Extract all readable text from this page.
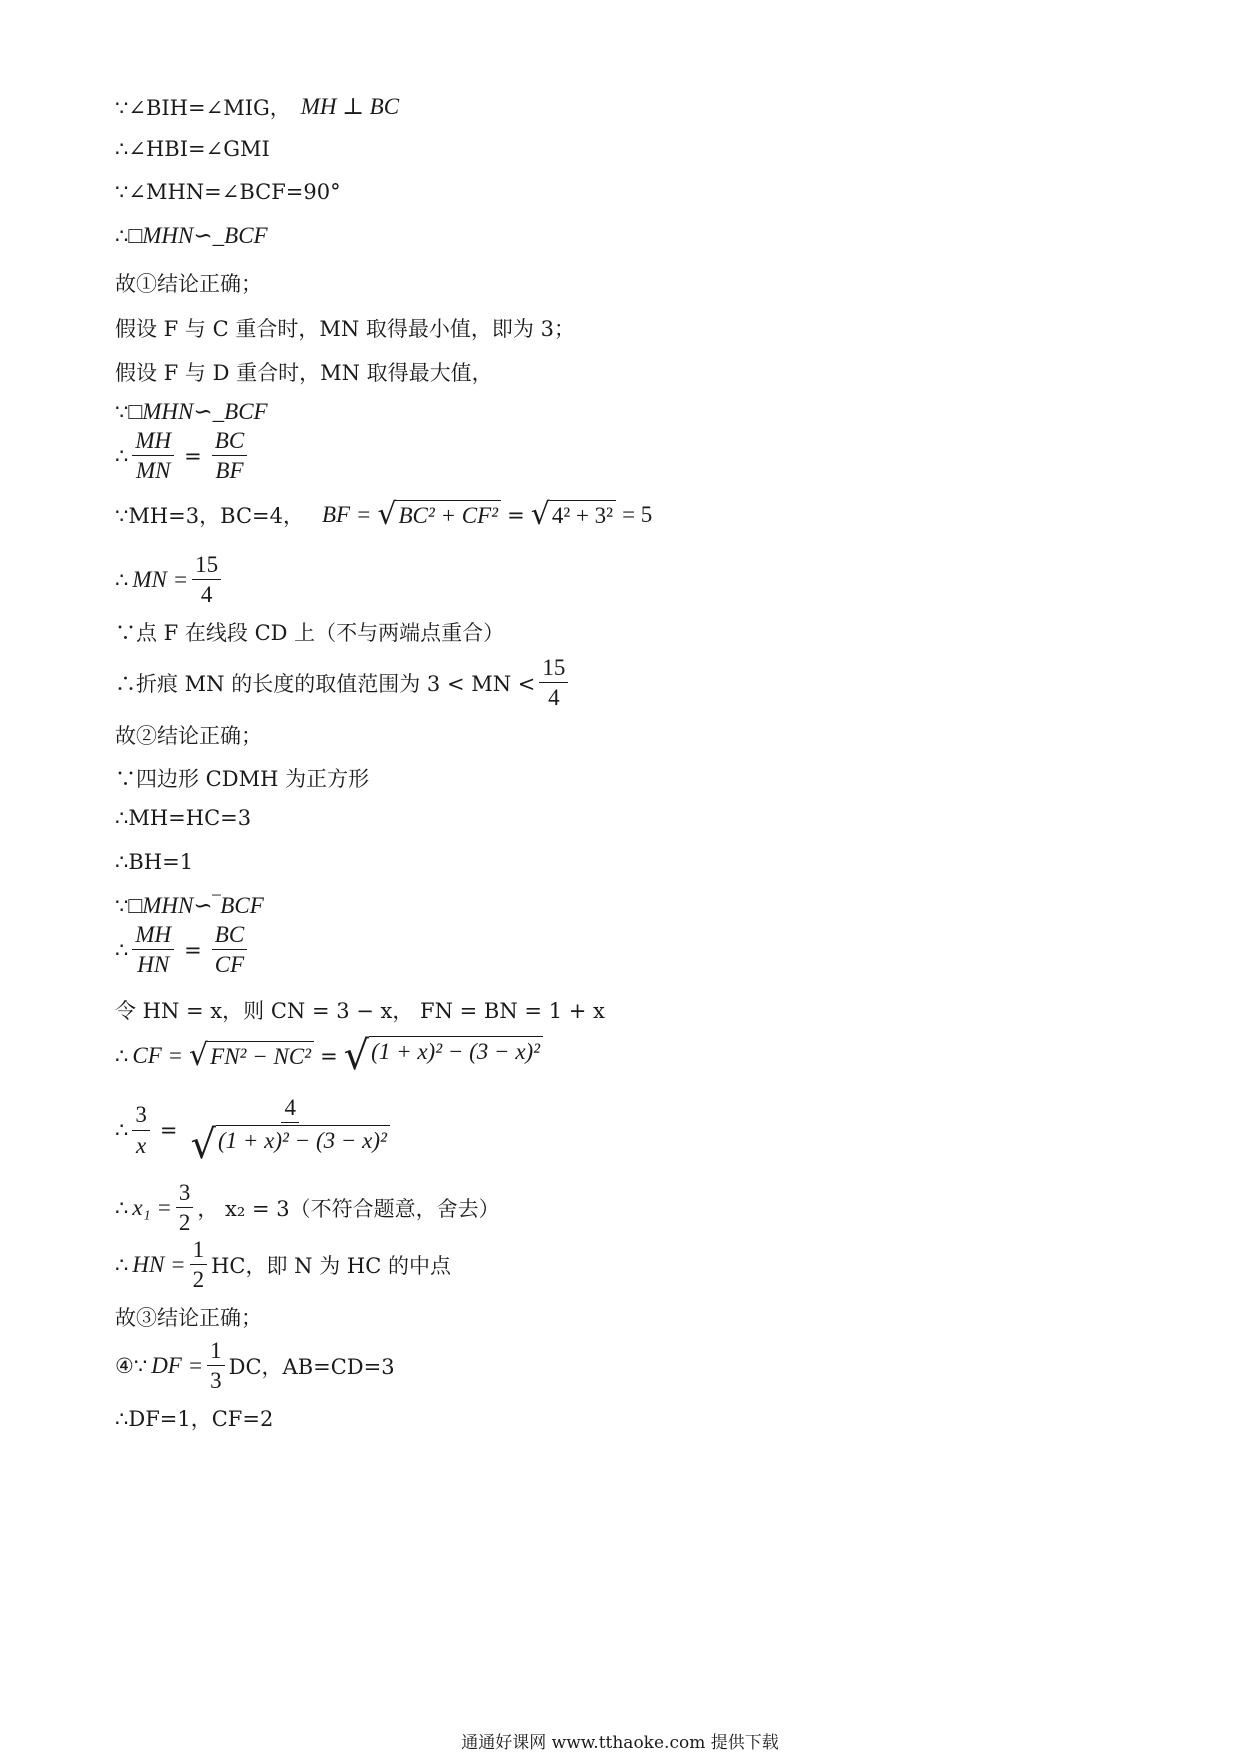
∵∠BIH=∠MIG， MH ⊥ BC
∴∠HBI=∠GMI
∵∠MHN=∠BCF=90°
∴ □MHN∽_BCF
故①结论正确；
假设 F 与 C 重合时，MN 取得最小值，即为 3；
假设 F 与 D 重合时，MN 取得最大值，
∵ □MHN∽_BCF
∴ $\frac{MH}{MN} = \frac{BC}{BF}$
∵MH=3，BC=4， BF = √ BC² + CF² = √ 4² + 3² = 5
∴ MN = $\frac{15}{4}$
∵点 F 在线段 CD 上（不与两端点重合）
∴折痕 MN 的长度的取值范围为 3 < MN < $\frac{15}{4}$
故②结论正确；
∵四边形 CDMH 为正方形
∴MH=HC=3
∴BH=1
∵ □MHN∽‾BCF
∴ $\frac{MH}{HN} = \frac{BC}{CF}$
令 HN = x，则 CN = 3 − x， FN = BN = 1 + x
∴ CF = √ FN² − NC² = √ (1 + x)² − (3 − x)²
∴ $\frac{3}{x} = \frac{4}{\text{√ (1 + x)² − (3 − x)²}}$
∴ $x_1 = \frac{3}{2}$ ， x₂ = 3（不符合题意，舍去）
∴ HN = $\frac{1}{2}$ HC，即 N 为 HC 的中点
故③结论正确；
④∵ DF = $\frac{1}{3}$ DC，AB=CD=3
∴DF=1，CF=2
通通好课网 www.tthaoke.com 提供下载
